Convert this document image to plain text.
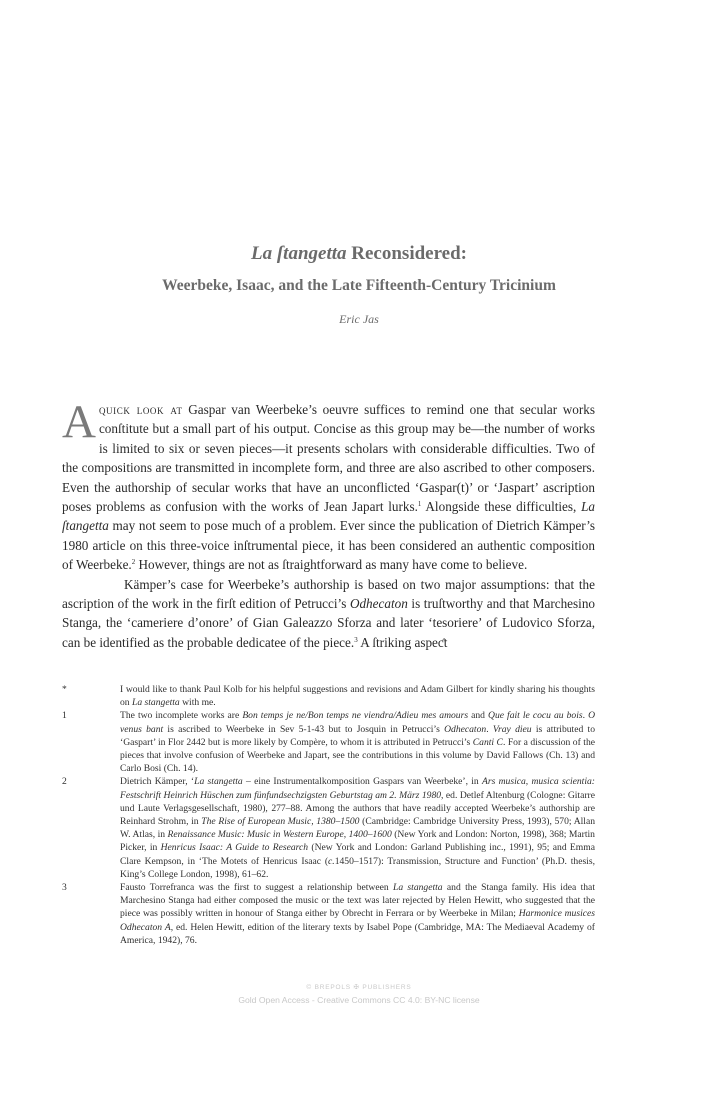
La ſtangetta Reconsidered:
Weerbeke, Isaac, and the Late Fifteenth-Century Tricinium
Eric Jas

Aquick look at Gaspar van Weerbeke’s oeuvre suffices to remind one that secular works conſtitute but a small part of his output. Concise as this group may be—the number of works is limited to six or seven pieces—it presents scholars with considerable difficulties. Two of the compositions are transmitted in incomplete form, and three are also ascribed to other composers. Even the authorship of secular works that have an unconflicted ‘Gaspar(t)’ or ‘Jaspart’ ascription poses problems as confusion with the works of Jean Japart lurks.$^1$ Alongside these difficulties, La ſtangetta may not seem to pose much of a problem. Ever since the publication of Dietrich Kämper’s 1980 article on this three-voice inſtrumental piece, it has been considered an authentic composition of Weerbeke.$^2$ However, things are not as ſtraightforward as many have come to believe.

Kämper’s case for Weerbeke’s authorship is based on two major assumptions: that the ascription of the work in the firſt edition of Petrucci’s Odhecaton is truſtworthy and that Marchesino Stanga, the ‘cameriere d’onore’ of Gian Galeazzo Sforza and later ‘tesoriere’ of Ludovico Sforza, can be identified as the probable dedicatee of the piece.$^3$ A ſtriking aspeƈt

*	I would like to thank Paul Kolb for his helpful suggestions and revisions and Adam Gilbert for kindly sharing his thoughts on La stangetta with me.
1	The two incomplete works are Bon temps je ne/Bon temps ne viendra/Adieu mes amours and Que fait le cocu au bois. O venus bant is ascribed to Weerbeke in Sev 5-1-43 but to Josquin in Petrucci’s Odhecaton. Vray dieu is attributed to ‘Gaspart’ in Flor 2442 but is more likely by Compère, to whom it is attributed in Petrucci’s Canti C. For a discussion of the pieces that involve confusion of Weerbeke and Japart, see the contributions in this volume by David Fallows (Ch. 13) and Carlo Bosi (Ch. 14).
2	Dietrich Kämper, ‘La stangetta – eine Instrumentalkomposition Gaspars van Weerbeke’, in Ars musica, musica scientia: Festschrift Heinrich Hüschen zum fünfundsechzigsten Geburtstag am 2. März 1980, ed. Detlef Altenburg (Cologne: Gitarre und Laute Verlagsgesellschaft, 1980), 277–88. Among the authors that have readily accepted Weerbeke’s authorship are Reinhard Strohm, in The Rise of European Music, 1380–1500 (Cambridge: Cambridge University Press, 1993), 570; Allan W. Atlas, in Renaissance Music: Music in Western Europe, 1400–1600 (New York and London: Norton, 1998), 368; Martin Picker, in Henricus Isaac: A Guide to Research (New York and London: Garland Publishing inc., 1991), 95; and Emma Clare Kempson, in ‘The Motets of Henricus Isaac (c.1450–1517): Transmission, Structure and Function’ (Ph.D. thesis, King’s College London, 1998), 61–62.
3	Fausto Torrefranca was the first to suggest a relationship between La stangetta and the Stanga family. His idea that Marchesino Stanga had either composed the music or the text was later rejected by Helen Hewitt, who suggested that the piece was possibly written in honour of Stanga either by Obrecht in Ferrara or by Weerbeke in Milan; Harmonice musices Odhecaton A, ed. Helen Hewitt, edition of the literary texts by Isabel Pope (Cambridge, MA: The Mediaeval Academy of America, 1942), 76.
© BREPOLS ✠ PUBLISHERS
Gold Open Access - Creative Commons CC 4.0: BY-NC license
